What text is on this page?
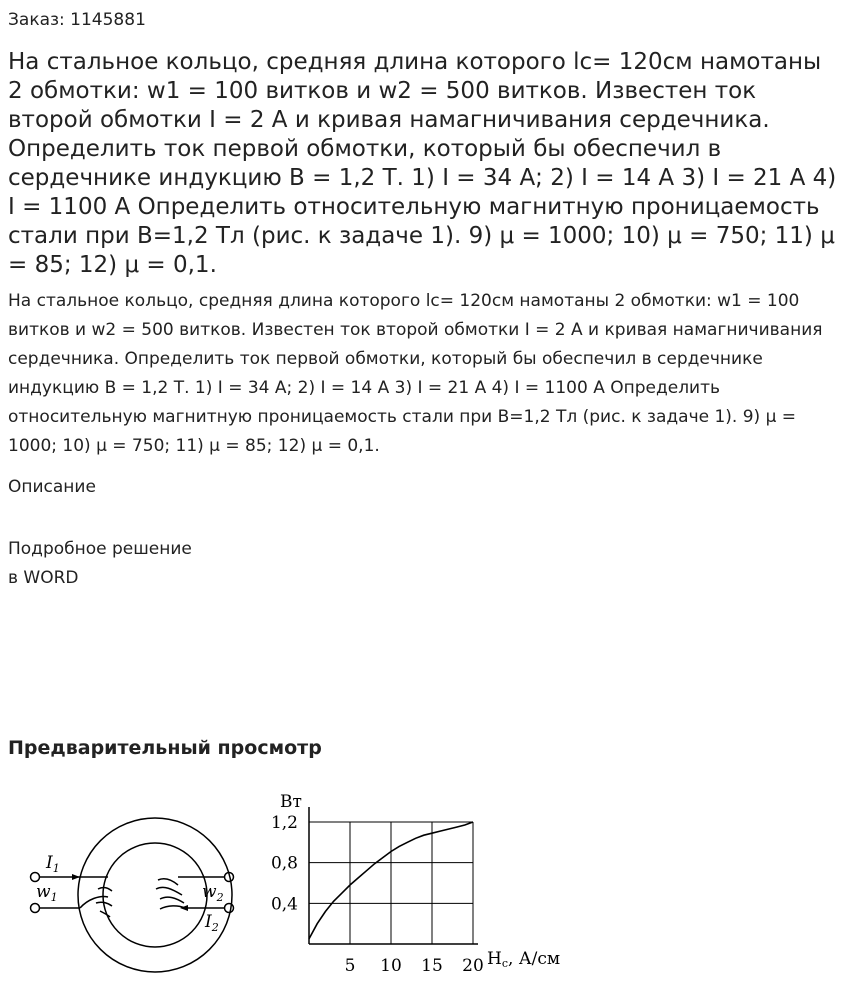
Заказ: 1145881
На стальное кольцо, средняя длина которого lc= 120см намотаны 2 обмотки: w1 = 100 витков и w2 = 500 витков. Известен ток второй обмотки I = 2 А и кривая намагничивания сердечника. Определить ток первой обмотки, который бы обеспечил в сердечнике индукцию В = 1,2 Т. 1) I = 34 А; 2) I = 14 А 3) I = 21 А 4) I = 1100 А Определить относительную магнитную проницаемость стали при В=1,2 Тл (рис. к задаче 1). 9) μ = 1000; 10) μ = 750; 11) μ = 85; 12) μ = 0,1.
На стальное кольцо, средняя длина которого lc= 120см намотаны 2 обмотки: w1 = 100 витков и w2 = 500 витков. Известен ток второй обмотки I = 2 А и кривая намагничивания сердечника. Определить ток первой обмотки, который бы обеспечил в сердечнике индукцию В = 1,2 Т. 1) I = 34 А; 2) I = 14 А 3) I = 21 А 4) I = 1100 А Определить относительную магнитную проницаемость стали при В=1,2 Тл (рис. к задаче 1). 9) μ = 1000; 10) μ = 750; 11) μ = 85; 12) μ = 0,1.
Описание
Подробное решение
в WORD
Предварительный просмотр
$I_1$
$w_1$	$w_2$
$I_2$
Вт
Hc, А/см
0,4
0,8
1,2
5 10 15 20
